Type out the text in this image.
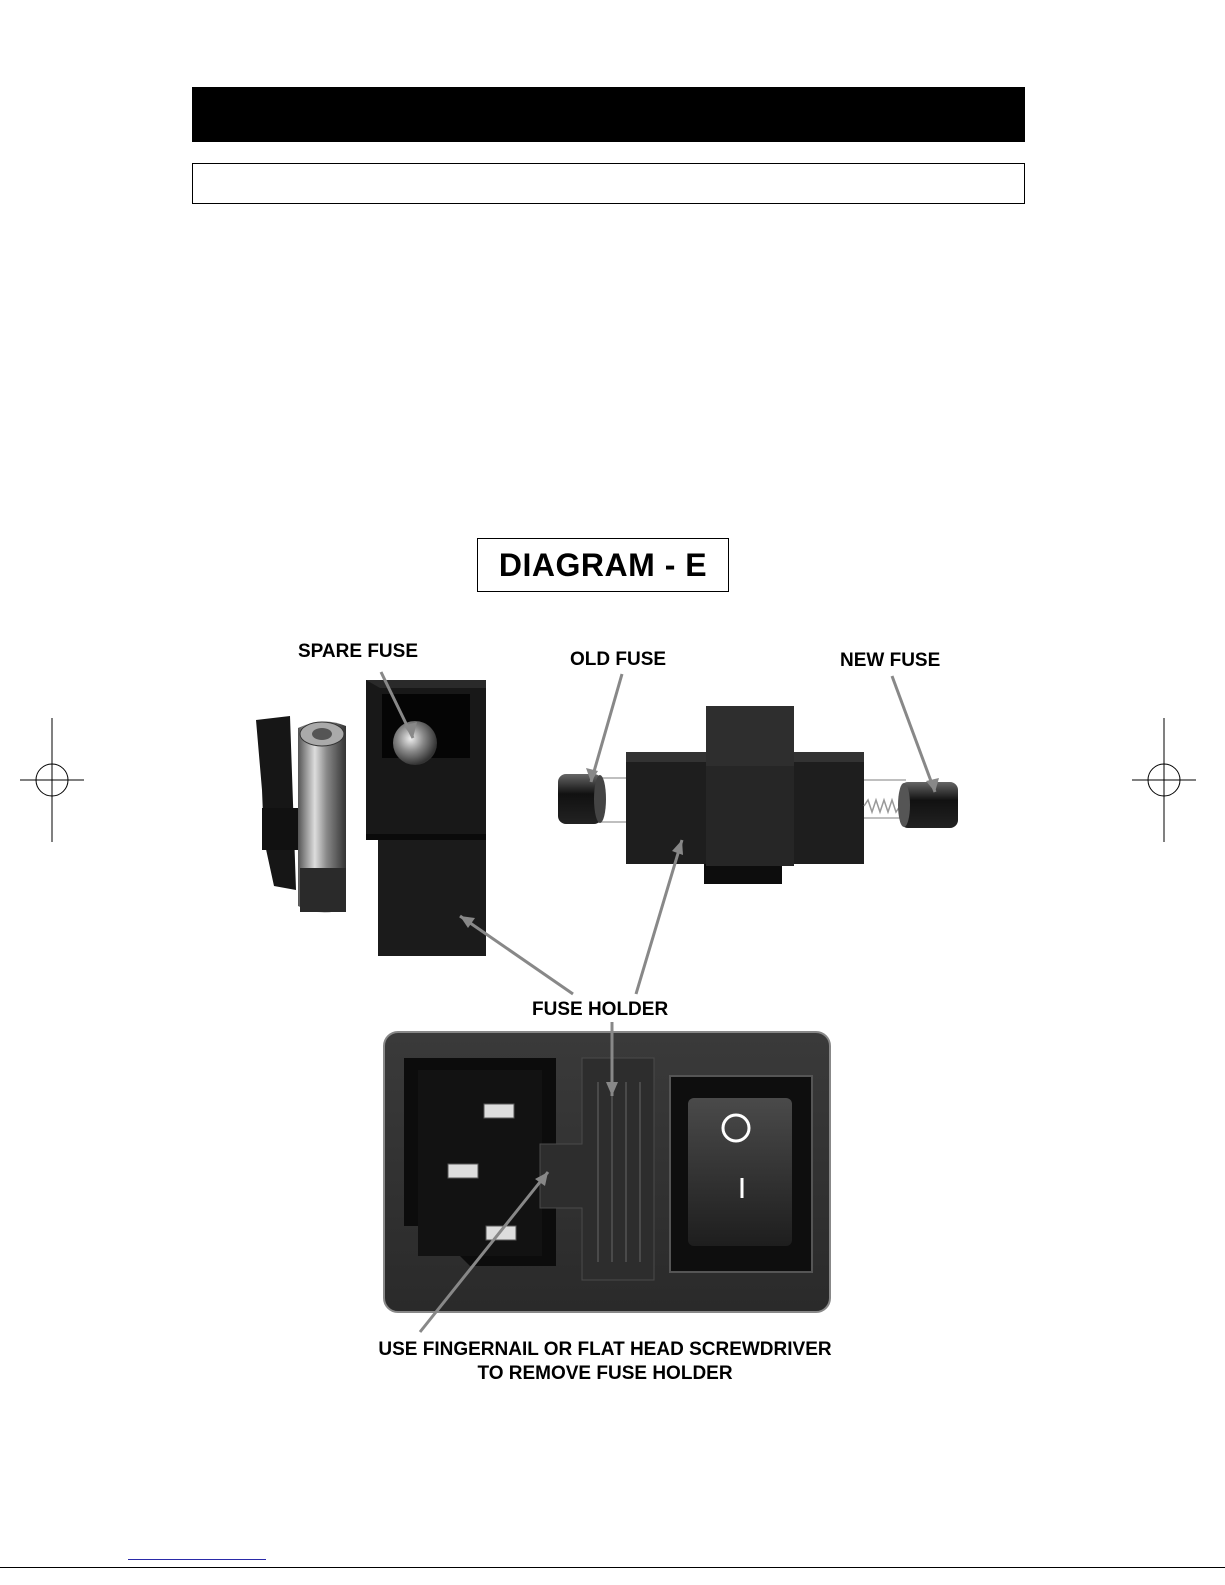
DIAGRAM - E
SPARE FUSE	OLD FUSE	NEW FUSE
FUSE HOLDER
USE FINGERNAIL OR FLAT HEAD SCREWDRIVER
TO REMOVE FUSE HOLDER
